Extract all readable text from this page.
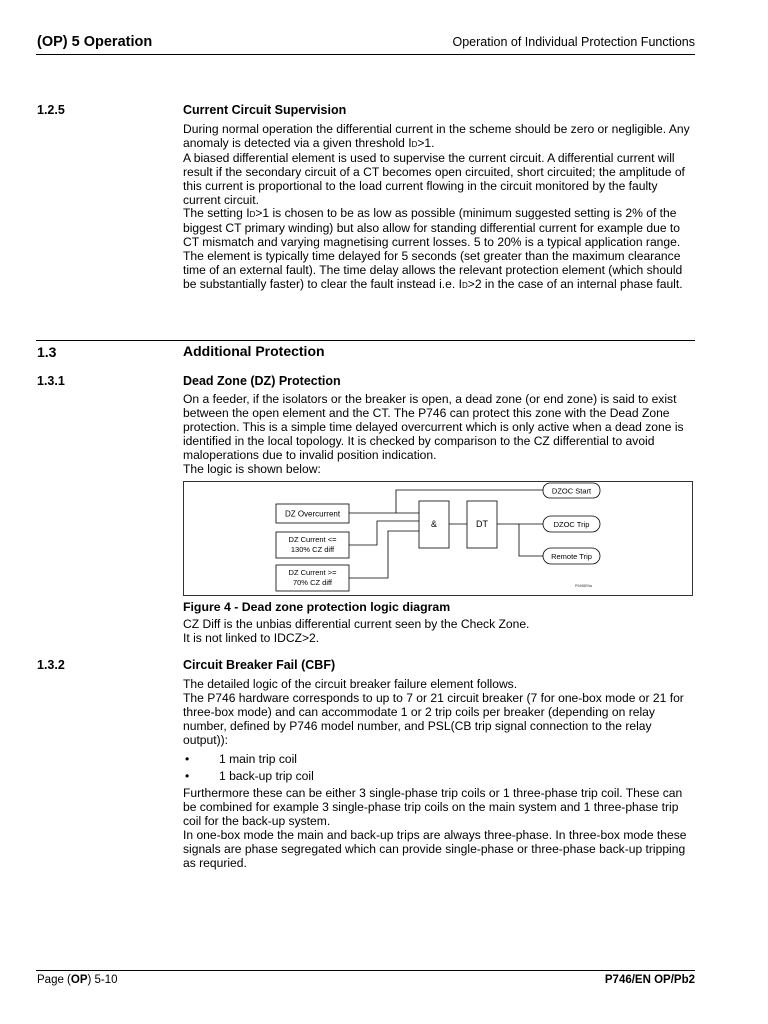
(OP) 5 Operation	Operation of Individual Protection Functions
1.2.5	Current Circuit Supervision

During normal operation the differential current in the scheme should be zero or negligible. Any anomaly is detected via a given threshold ID>1.

A biased differential element is used to supervise the current circuit. A differential current will result if the secondary circuit of a CT becomes open circuited, short circuited; the amplitude of this current is proportional to the load current flowing in the circuit monitored by the faulty current circuit.

The setting ID>1 is chosen to be as low as possible (minimum suggested setting is 2% of the biggest CT primary winding) but also allow for standing differential current for example due to CT mismatch and varying magnetising current losses. 5 to 20% is a typical application range.

The element is typically time delayed for 5 seconds (set greater than the maximum clearance time of an external fault). The time delay allows the relevant protection element (which should be substantially faster) to clear the fault instead i.e. ID>2 in the case of an internal phase fault.

1.3	Additional Protection
1.3.1	Dead Zone (DZ) Protection

On a feeder, if the isolators or the breaker is open, a dead zone (or end zone) is said to exist between the open element and the CT. The P746 can protect this zone with the Dead Zone protection. This is a simple time delayed overcurrent which is only active when a dead zone is identified in the local topology. It is checked by comparison to the CZ differential to avoid maloperations due to invalid position indication.

The logic is shown below:

DZ Overcurrent
DZ Current <=
130% CZ diff
DZ Current >=
70% CZ diff
&	DT
DZOC Start
DZOC Trip
Remote Trip
P0498ENa
Figure 4 - Dead zone protection logic diagram

CZ Diff is the unbias differential current seen by the Check Zone.

It is not linked to IDCZ>2.

1.3.2	Circuit Breaker Fail (CBF)

The detailed logic of the circuit breaker failure element follows.

The P746 hardware corresponds to up to 7 or 21 circuit breaker (7 for one-box mode or 21 for three-box mode) and can accommodate 1 or 2 trip coils per breaker (depending on relay number, defined by P746 model number, and PSL(CB trip signal connection to the relay output)):

• 1 main trip coil
• 1 back-up trip coil

Furthermore these can be either 3 single-phase trip coils or 1 three-phase trip coil. These can be combined for example 3 single-phase trip coils on the main system and 1 three-phase trip coil for the back-up system.

In one-box mode the main and back-up trips are always three-phase. In three-box mode these signals are phase segregated which can provide single-phase or three-phase back-up tripping as requried.

Page (OP) 5-10	P746/EN OP/Pb2
